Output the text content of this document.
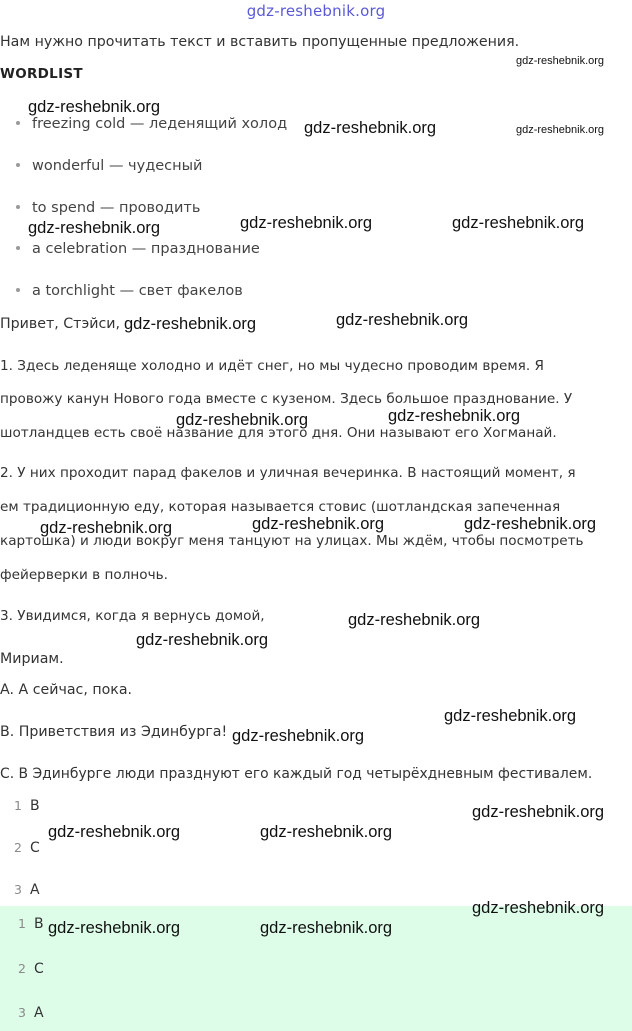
gdz-reshebnik.org
Нам нужно прочитать текст и вставить пропущенные предложения.
WORDLIST
freezing cold — леденящий холод
wonderful — чудесный
to spend — проводить
a celebration — празднование
a torchlight — свет факелов
Привет, Стэйси,
1. Здесь леденяще холодно и идёт снег, но мы чудесно проводим время. Я
провожу канун Нового года вместе с кузеном. Здесь большое празднование. У
шотландцев есть своё название для этого дня. Они называют его Хогманай.
2. У них проходит парад факелов и уличная вечеринка. В настоящий момент, я
ем традиционную еду, которая называется стовис (шотландская запеченная
картошка) и люди вокруг меня танцуют на улицах. Мы ждём, чтобы посмотреть
фейерверки в полночь.
3. Увидимся, когда я вернусь домой,
Мириам.
A. А сейчас, пока.
B. Приветствия из Эдинбурга!
C. В Эдинбурге люди празднуют его каждый год четырёхдневным фестивалем.
1 B
2 C
3 A
1 B
2 C
3 A
gdz-reshebnik.org
gdz-reshebnik.org
gdz-reshebnik.org	gdz-reshebnik.org
gdz-reshebnik.org	gdz-reshebnik.org
gdz-reshebnik.org
gdz-reshebnik.org	gdz-reshebnik.org
gdz-reshebnik.org	gdz-reshebnik.org
gdz-reshebnik.org	gdz-reshebnik.org	gdz-reshebnik.org
gdz-reshebnik.org
gdz-reshebnik.org
gdz-reshebnik.org
gdz-reshebnik.org
gdz-reshebnik.org
gdz-reshebnik.org	gdz-reshebnik.org
gdz-reshebnik.org
gdz-reshebnik.org	gdz-reshebnik.org
